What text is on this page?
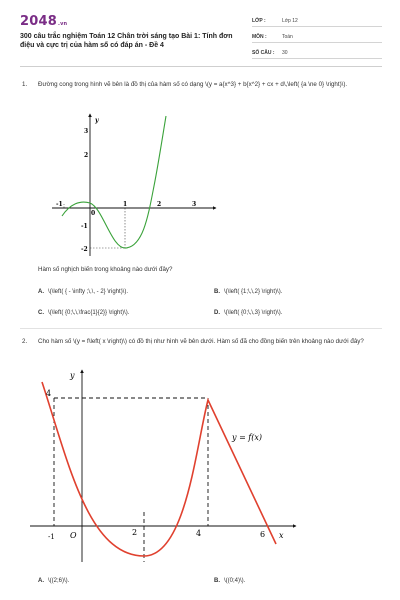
2048.vn
300 câu trắc nghiệm Toán 12 Chân trời sáng tạo Bài 1: Tính đơn điệu và cực trị của hàm số có đáp án - Đề 4
LỚP :	Lớp 12
MÔN :	Toán
SỐ CÂU : 30
1. Đường cong trong hình vẽ bên là đồ thị của hàm số có dạng \(y = a{x^3} + b{x^2} + cx + d\,\left( {a \ne 0} \right)\).
y
-1
0
1	2	3
3
2
-1
-2
Hàm số nghịch biến trong khoảng nào dưới đây?
A. \(\left( { - \infty ;\,\, - 2} \right)\).	B. \(\left( {1;\,\,2} \right)\).
C. \(\left( {0;\,\,\frac{1}{2}} \right)\).	D. \(\left( {0;\,\,3} \right)\).
2. Cho hàm số \(y = f\left( x \right)\) có đồ thị như hình vẽ bên dưới. Hàm số đã cho đồng biến trên khoảng nào dưới đây?
y
4
O
-1	2	4	6 x
y = f(x)
A. \((2;6)\).	B. \((0;4)\).
